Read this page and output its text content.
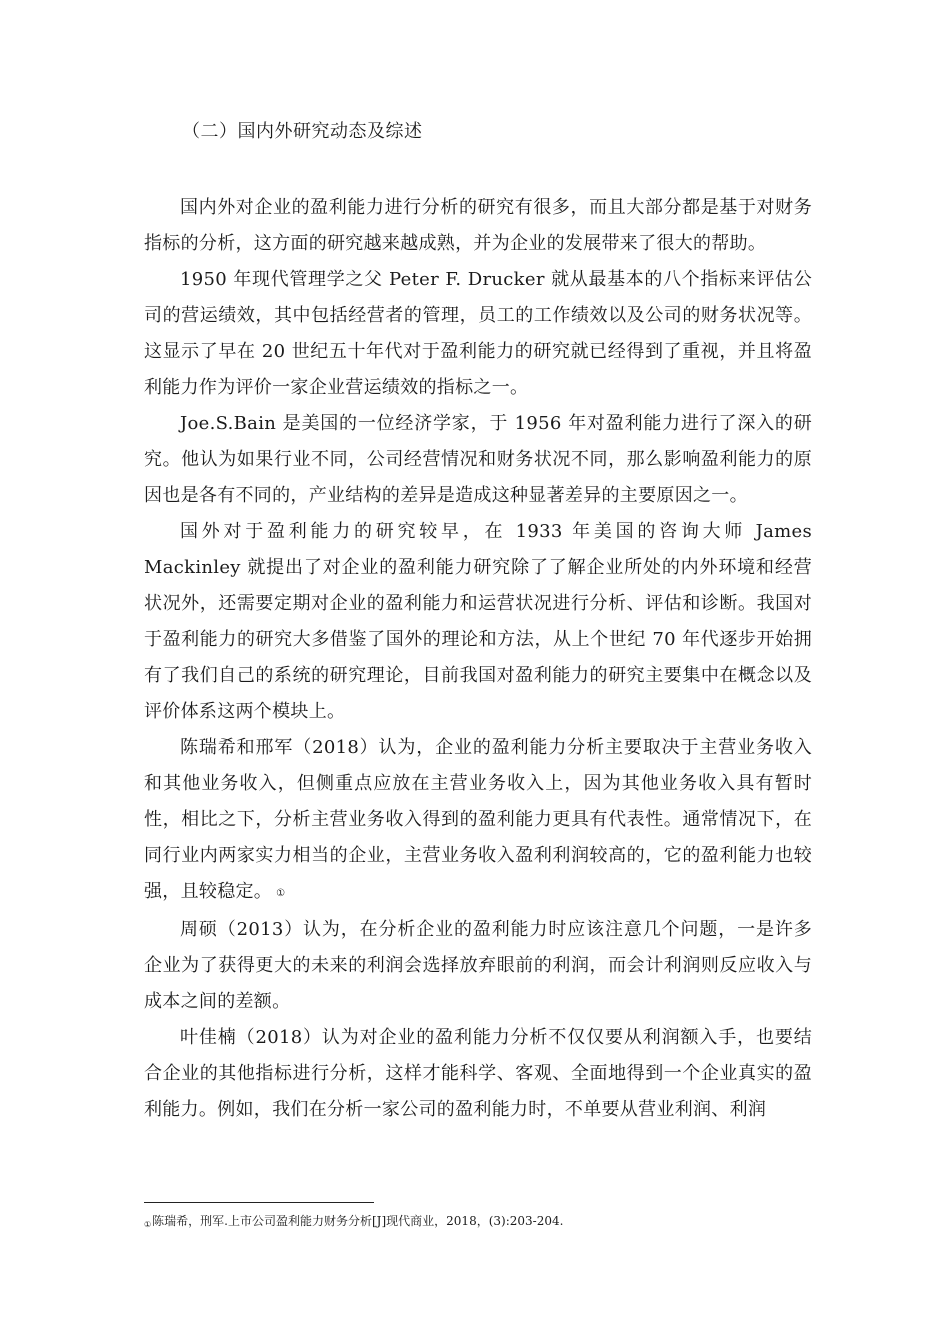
（二）国内外研究动态及综述

国内外对企业的盈利能力进行分析的研究有很多，而且大部分都是基于对财务指标的分析，这方面的研究越来越成熟，并为企业的发展带来了很大的帮助。

1950 年现代管理学之父 Peter F. Drucker 就从最基本的八个指标来评估公司的营运绩效，其中包括经营者的管理，员工的工作绩效以及公司的财务状况等。这显示了早在 20 世纪五十年代对于盈利能力的研究就已经得到了重视，并且将盈利能力作为评价一家企业营运绩效的指标之一。

Joe.S.Bain 是美国的一位经济学家，于 1956 年对盈利能力进行了深入的研究。他认为如果行业不同，公司经营情况和财务状况不同，那么影响盈利能力的原因也是各有不同的，产业结构的差异是造成这种显著差异的主要原因之一。

国外对于盈利能力的研究较早，在 1933 年美国的咨询大师 James Mackinley 就提出了对企业的盈利能力研究除了了解企业所处的内外环境和经营状况外，还需要定期对企业的盈利能力和运营状况进行分析、评估和诊断。我国对于盈利能力的研究大多借鉴了国外的理论和方法，从上个世纪 70 年代逐步开始拥有了我们自己的系统的研究理论，目前我国对盈利能力的研究主要集中在概念以及评价体系这两个模块上。

陈瑞希和邢军（2018）认为，企业的盈利能力分析主要取决于主营业务收入和其他业务收入，但侧重点应放在主营业务收入上，因为其他业务收入具有暂时性，相比之下，分析主营业务收入得到的盈利能力更具有代表性。通常情况下，在同行业内两家实力相当的企业，主营业务收入盈利利润较高的，它的盈利能力也较强，且较稳定。 ①

周硕（2013）认为，在分析企业的盈利能力时应该注意几个问题，一是许多企业为了获得更大的未来的利润会选择放弃眼前的利润，而会计利润则反应收入与成本之间的差额。

叶佳楠（2018）认为对企业的盈利能力分析不仅仅要从利润额入手，也要结合企业的其他指标进行分析，这样才能科学、客观、全面地得到一个企业真实的盈利能力。例如，我们在分析一家公司的盈利能力时，不单要从营业利润、利润

①陈瑞希，刑军.上市公司盈利能力财务分析[J]现代商业，2018，(3):203-204.
